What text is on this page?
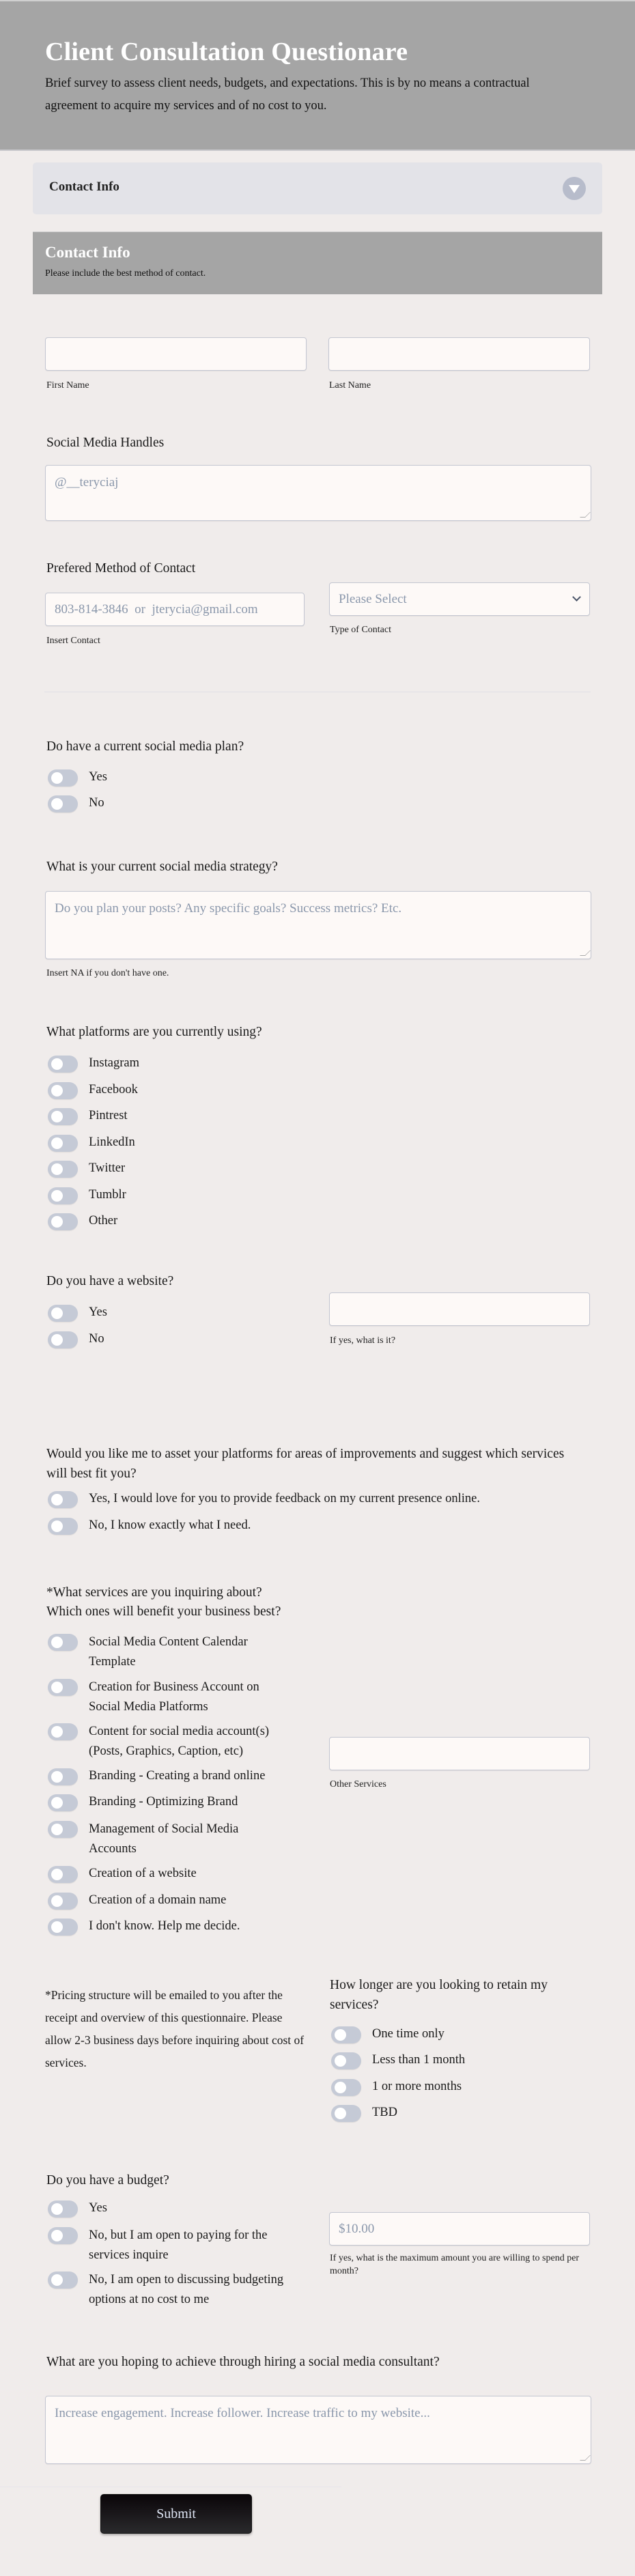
Client Consultation Questionare

Brief survey to assess client needs, budgets, and expectations. This is by no means a contractual agreement to acquire my services and of no cost to you.

Contact Info
Contact Info

Please include the best method of contact.

First Name	Last Name
Social Media Handles
@__teryciaj
Prefered Method of Contact
803-814-3846  or  jterycia@gmail.com
Insert Contact
Please Select
Type of Contact
Do have a current social media plan?
Yes
No
What is your current social media strategy?
Do you plan your posts? Any specific goals? Success metrics? Etc.
Insert NA if you don't have one.
What platforms are you currently using?
Instagram
Facebook
Pintrest
LinkedIn
Twitter
Tumblr
Other
Do you have a website?
Yes
No	If yes, what is it?
Would you like me to asset your platforms for areas of improvements and suggest which services will best fit you?
Yes, I would love for you to provide feedback on my current presence online.
No, I know exactly what I need.
*What services are you inquiring about?
Which ones will benefit your business best?
Social Media Content Calendar Template
Creation for Business Account on Social Media Platforms
Content for social media account(s) (Posts, Graphics, Caption, etc)
Branding - Creating a brand online
Branding - Optimizing Brand
Management of Social Media Accounts
Creation of a website
Creation of a domain name
I don't know. Help me decide.
Other Services

*Pricing structure will be emailed to you after the receipt and overview of this questionnaire. Please allow 2-3 business days before inquiring about cost of services.

How longer are you looking to retain my services?
One time only
Less than 1 month
1 or more months
TBD
Do you have a budget?
Yes
No, but I am open to paying for the services inquire
No, I am open to discussing budgeting options at no cost to me
$10.00
If yes, what is the maximum amount you are willing to spend per month?
What are you hoping to achieve through hiring a social media consultant?
Increase engagement. Increase follower. Increase traffic to my website...
Submit
